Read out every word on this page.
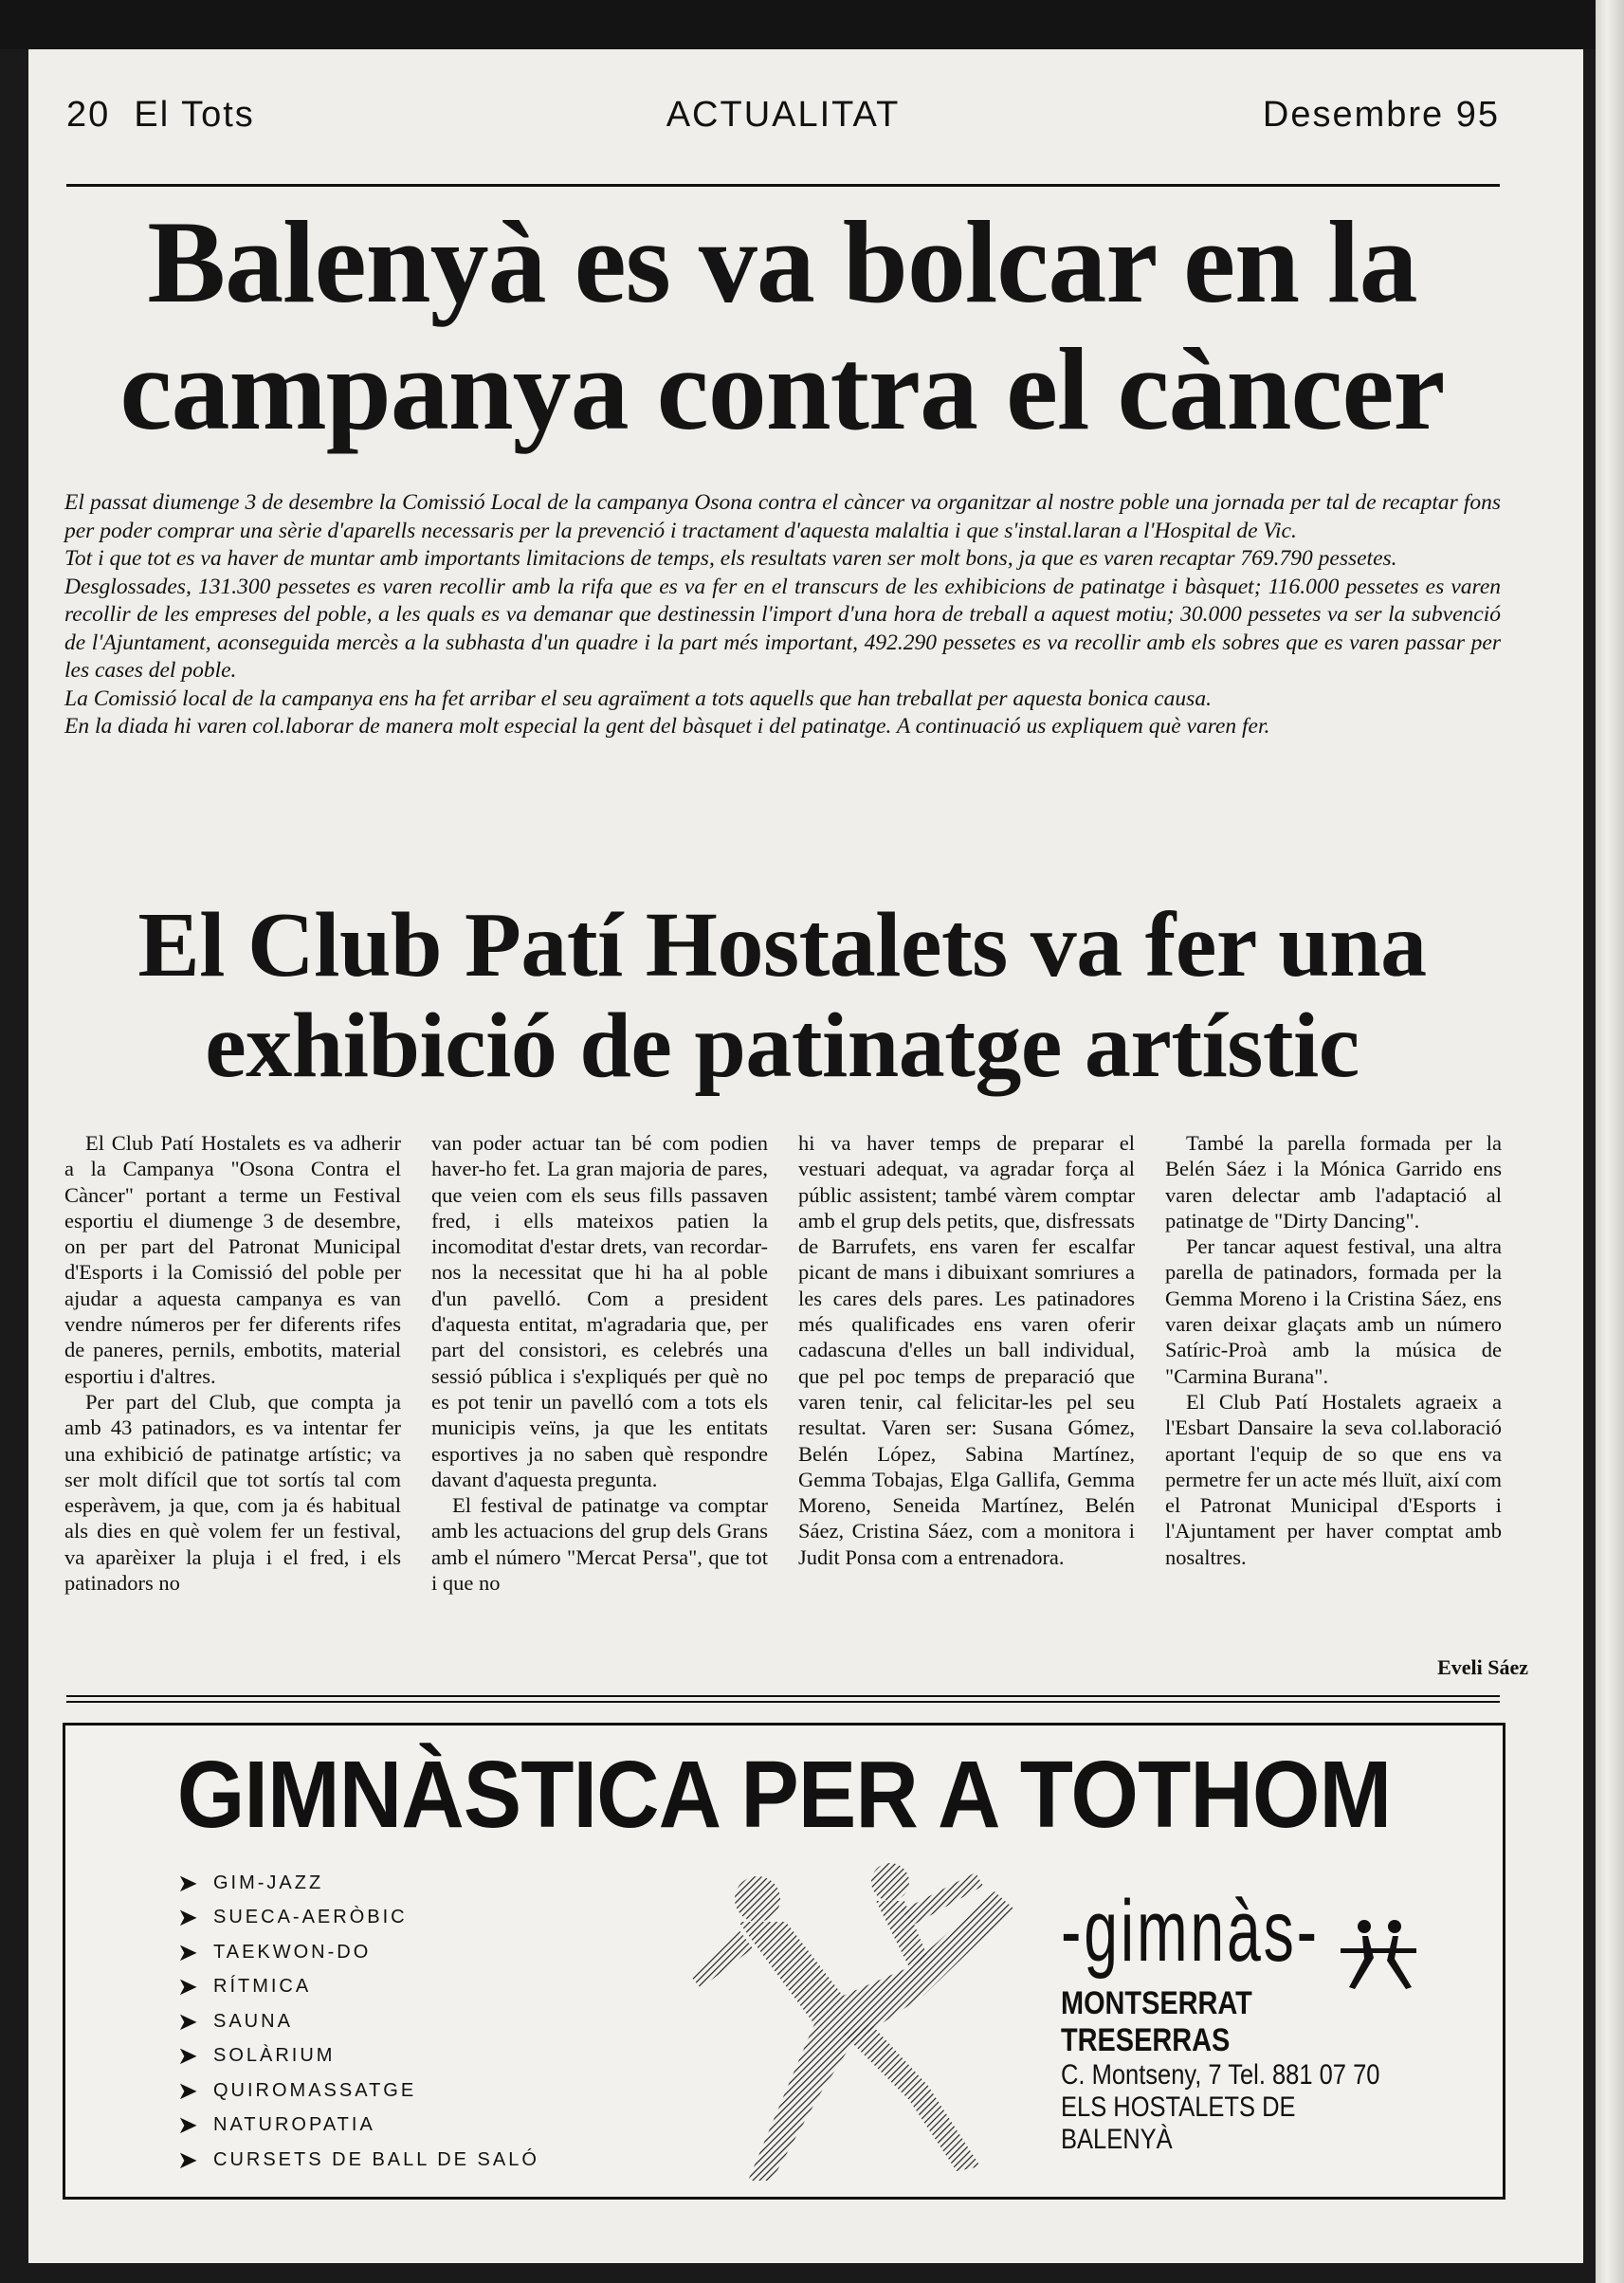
20 El Tots	ACTUALITAT	Desembre 95
Balenyà es va bolcar en la campanya contra el càncer

El passat diumenge 3 de desembre la Comissió Local de la campanya Osona contra el càncer va organitzar al nostre poble una jornada per tal de recaptar fons per poder comprar una sèrie d'aparells necessaris per la prevenció i tractament d'aquesta malaltia i que s'instal.laran a l'Hospital de Vic.

Tot i que tot es va haver de muntar amb importants limitacions de temps, els resultats varen ser molt bons, ja que es varen recaptar 769.790 pessetes.

Desglossades, 131.300 pessetes es varen recollir amb la rifa que es va fer en el transcurs de les exhibicions de patinatge i bàsquet; 116.000 pessetes es varen recollir de les empreses del poble, a les quals es va demanar que destinessin l'import d'una hora de treball a aquest motiu; 30.000 pessetes va ser la subvenció de l'Ajuntament, aconseguida mercès a la subhasta d'un quadre i la part més important, 492.290 pessetes es va recollir amb els sobres que es varen passar per les cases del poble.

La Comissió local de la campanya ens ha fet arribar el seu agraïment a tots aquells que han treballat per aquesta bonica causa.

En la diada hi varen col.laborar de manera molt especial la gent del bàsquet i del patinatge. A continuació us expliquem què varen fer.

El Club Patí Hostalets va fer una
exhibició de patinatge artístic

El Club Patí Hostalets es va adherir a la Campanya "Osona Contra el Càncer" portant a terme un Festival esportiu el diumenge 3 de desembre, on per part del Patronat Municipal d'Esports i la Comissió del poble per ajudar a aquesta campanya es van vendre números per fer diferents rifes de paneres, pernils, embotits, material esportiu i d'altres.

Per part del Club, que compta ja amb 43 patinadors, es va intentar fer una exhibició de patinatge artístic; va ser molt difícil que tot sortís tal com esperàvem, ja que, com ja és habitual als dies en què volem fer un festival, va aparèixer la pluja i el fred, i els patinadors no

van poder actuar tan bé com podien haver-ho fet. La gran majoria de pares, que veien com els seus fills passaven fred, i ells mateixos patien la incomoditat d'estar drets, van recordar-nos la necessitat que hi ha al poble d'un pavelló. Com a president d'aquesta entitat, m'agradaria que, per part del consistori, es celebrés una sessió pública i s'expliqués per què no es pot tenir un pavelló com a tots els municipis veïns, ja que les entitats esportives ja no saben què respondre davant d'aquesta pregunta.

El festival de patinatge va comptar amb les actuacions del grup dels Grans amb el número "Mercat Persa", que tot i que no

hi va haver temps de preparar el vestuari adequat, va agradar força al públic assistent; també vàrem comptar amb el grup dels petits, que, disfressats de Barrufets, ens varen fer escalfar picant de mans i dibuixant somriures a les cares dels pares. Les patinadores més qualificades ens varen oferir cadascuna d'elles un ball individual, que pel poc temps de preparació que varen tenir, cal felicitar-les pel seu resultat. Varen ser: Susana Gómez, Belén López, Sabina Martínez, Gemma Tobajas, Elga Gallifa, Gemma Moreno, Seneida Martínez, Belén Sáez, Cristina Sáez, com a monitora i Judit Ponsa com a entrenadora.

També la parella formada per la Belén Sáez i la Mónica Garrido ens varen delectar amb l'adaptació al patinatge de "Dirty Dancing".

Per tancar aquest festival, una altra parella de patinadors, formada per la Gemma Moreno i la Cristina Sáez, ens varen deixar glaçats amb un número Satíric-Proà amb la música de "Carmina Burana".

El Club Patí Hostalets agraeix a l'Esbart Dansaire la seva col.laboració aportant l'equip de so que ens va permetre fer un acte més lluït, així com el Patronat Municipal d'Esports i l'Ajuntament per haver comptat amb nosaltres.

Eveli Sáez
GIMNÀSTICA PER A TOTHOM
➤ GIM-JAZZ
➤ SUECA-AERÒBIC
➤ TAEKWON-DO
➤ RÍTMICA
➤ SAUNA
➤ SOLÀRIUM
➤ QUIROMASSATGE
➤ NATUROPATIA
➤ CURSETS DE BALL DE SALÓ
-gimnàs-
MONTSERRAT TRESERRAS
C. Montseny, 7 Tel. 881 07 70
ELS HOSTALETS DE BALENYÀ
